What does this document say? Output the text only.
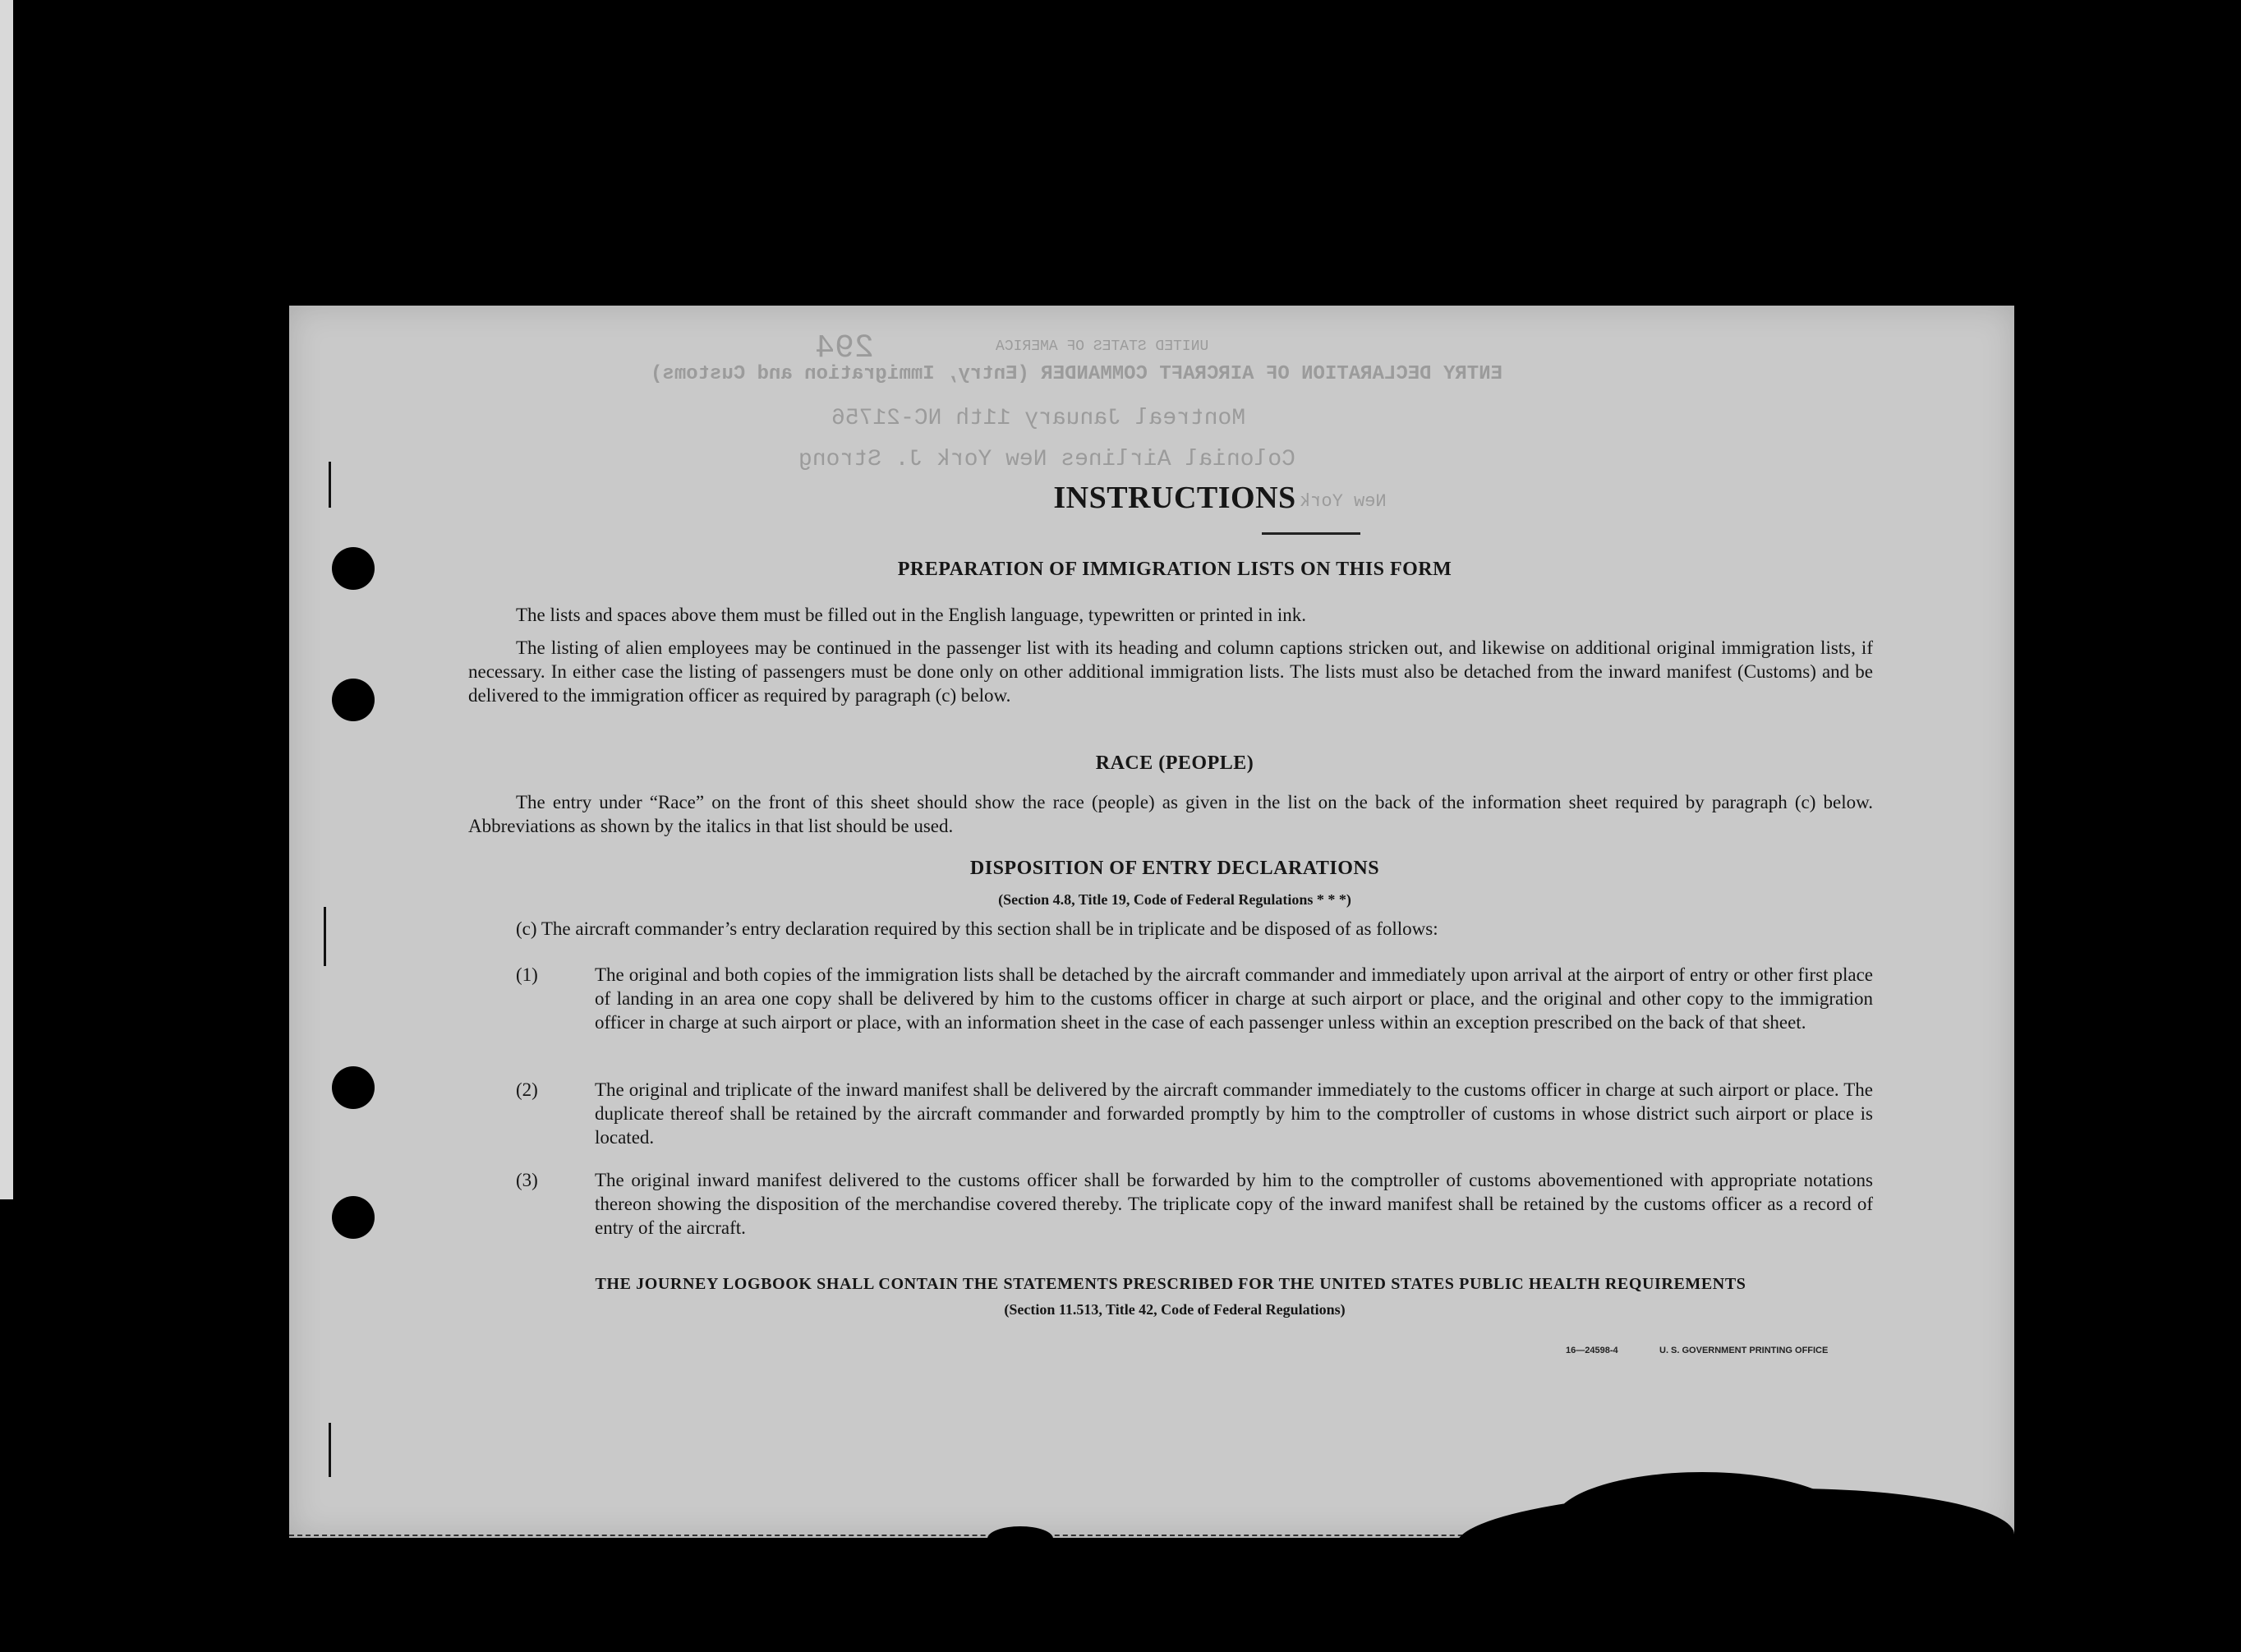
UNITED STATES OF AMERICA
294
ENTRY DECLARATION OF AIRCRAFT COMMANDER (Entry, Immigration and Customs)
Montreal January 11th NC-21756
Colonial Airlines New York J. Strong
New York
INSTRUCTIONS
PREPARATION OF IMMIGRATION LISTS ON THIS FORM
The lists and spaces above them must be filled out in the English language, typewritten or printed in ink.
The listing of alien employees may be continued in the passenger list with its heading and column captions stricken out, and likewise on additional original immigration lists, if necessary. In either case the listing of passengers must be done only on other additional immigration lists. The lists must also be detached from the inward manifest (Customs) and be delivered to the immigration officer as required by paragraph (c) below.
RACE (PEOPLE)
The entry under “Race” on the front of this sheet should show the race (people) as given in the list on the back of the information sheet required by paragraph (c) below. Abbreviations as shown by the italics in that list should be used.
DISPOSITION OF ENTRY DECLARATIONS
(Section 4.8, Title 19, Code of Federal Regulations * * *)
(c) The aircraft commander’s entry declaration required by this section shall be in triplicate and be disposed of as follows:
(1)	The original and both copies of the immigration lists shall be detached by the aircraft commander and immediately upon arrival at the airport of entry or other first place of landing in an area one copy shall be delivered by him to the customs officer in charge at such airport or place, and the original and other copy to the immigration officer in charge at such airport or place, with an information sheet in the case of each passenger unless within an exception prescribed on the back of that sheet.
(2)	The original and triplicate of the inward manifest shall be delivered by the aircraft commander immediately to the customs officer in charge at such airport or place. The duplicate thereof shall be retained by the aircraft commander and forwarded promptly by him to the comptroller of customs in whose district such airport or place is located.
(3)	The original inward manifest delivered to the customs officer shall be forwarded by him to the comptroller of customs abovementioned with appropriate notations thereon showing the disposition of the merchandise covered thereby. The triplicate copy of the inward manifest shall be retained by the customs officer as a record of entry of the aircraft.
THE JOURNEY LOGBOOK SHALL CONTAIN THE STATEMENTS PRESCRIBED FOR THE UNITED STATES PUBLIC HEALTH REQUIREMENTS
(Section 11.513, Title 42, Code of Federal Regulations)
16—24598-4	U. S. GOVERNMENT PRINTING OFFICE
